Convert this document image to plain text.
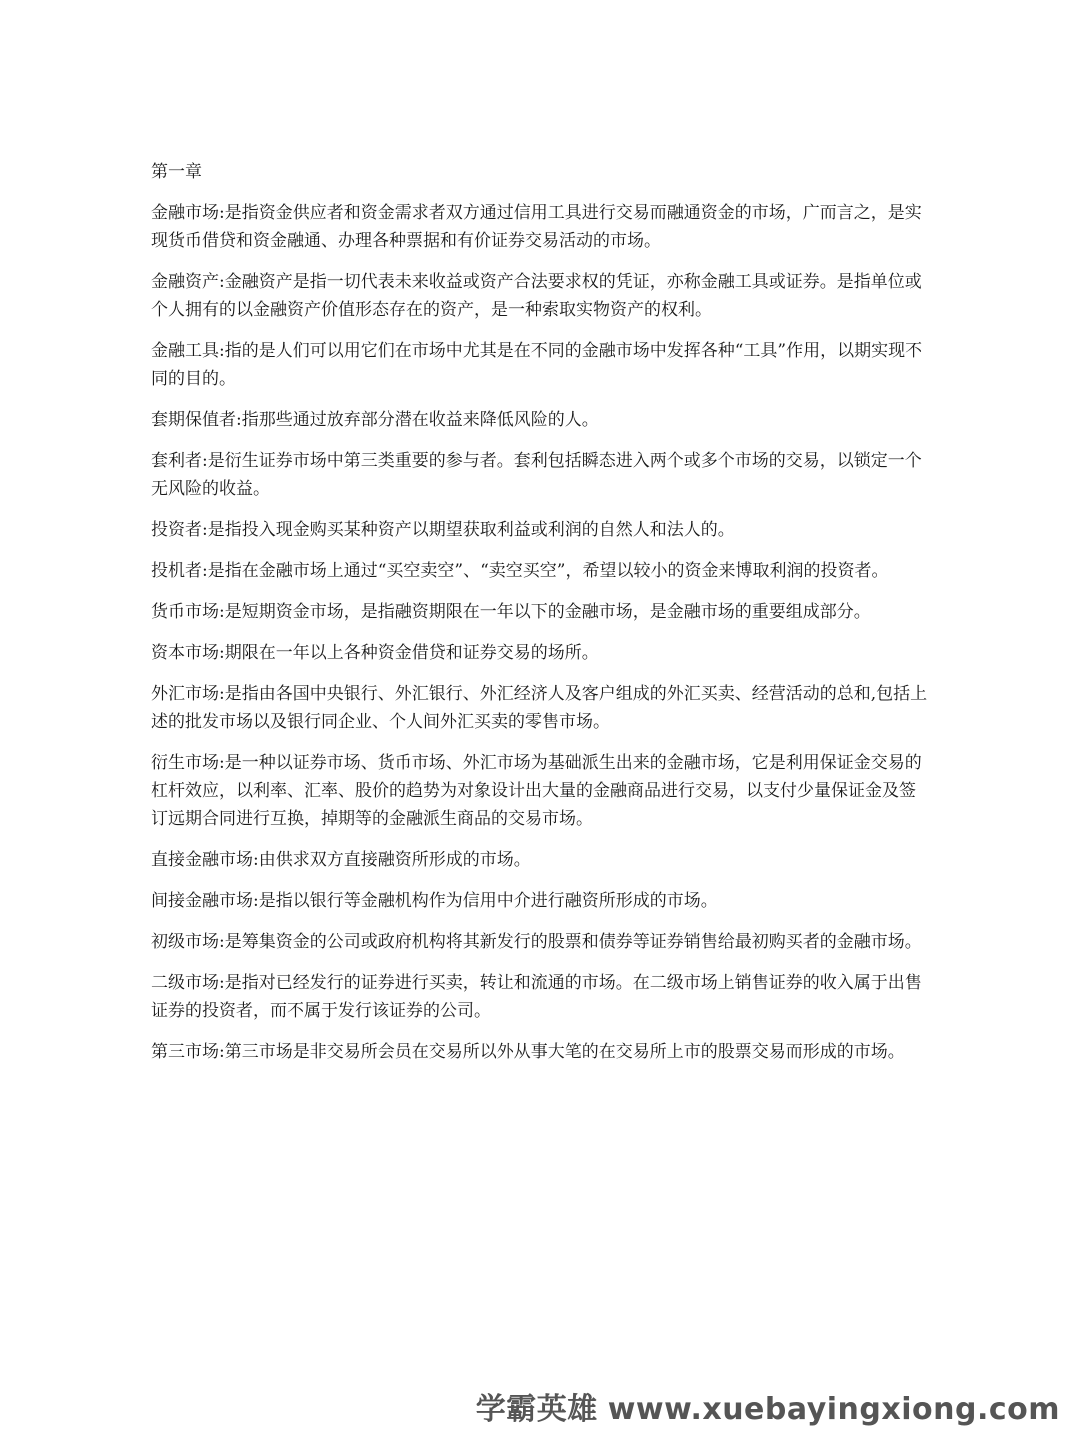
第一章

金融市场:是指资金供应者和资金需求者双方通过信用工具进行交易而融通资金的市场，广而言之，是实现货币借贷和资金融通、办理各种票据和有价证券交易活动的市场。

金融资产:金融资产是指一切代表未来收益或资产合法要求权的凭证，亦称金融工具或证券。是指单位或个人拥有的以金融资产价值形态存在的资产，是一种索取实物资产的权利。

金融工具:指的是人们可以用它们在市场中尤其是在不同的金融市场中发挥各种“工具”作用，以期实现不同的目的。

套期保值者:指那些通过放弃部分潜在收益来降低风险的人。

套利者:是衍生证券市场中第三类重要的参与者。套利包括瞬态进入两个或多个市场的交易，以锁定一个无风险的收益。

投资者:是指投入现金购买某种资产以期望获取利益或利润的自然人和法人的。

投机者:是指在金融市场上通过“买空卖空”、“卖空买空”，希望以较小的资金来博取利润的投资者。

货币市场:是短期资金市场，是指融资期限在一年以下的金融市场，是金融市场的重要组成部分。

资本市场:期限在一年以上各种资金借贷和证券交易的场所。

外汇市场:是指由各国中央银行、外汇银行、外汇经济人及客户组成的外汇买卖、经营活动的总和,包括上述的批发市场以及银行同企业、个人间外汇买卖的零售市场。

衍生市场:是一种以证券市场、货币市场、外汇市场为基础派生出来的金融市场，它是利用保证金交易的杠杆效应，以利率、汇率、股价的趋势为对象设计出大量的金融商品进行交易，以支付少量保证金及签订远期合同进行互换，掉期等的金融派生商品的交易市场。

直接金融市场:由供求双方直接融资所形成的市场。

间接金融市场:是指以银行等金融机构作为信用中介进行融资所形成的市场。

初级市场:是筹集资金的公司或政府机构将其新发行的股票和债券等证券销售给最初购买者的金融市场。

二级市场:是指对已经发行的证券进行买卖，转让和流通的市场。在二级市场上销售证券的收入属于出售证券的投资者，而不属于发行该证券的公司。

第三市场:第三市场是非交易所会员在交易所以外从事大笔的在交易所上市的股票交易而形成的市场。

学霸英雄 www.xuebayingxiong.com
